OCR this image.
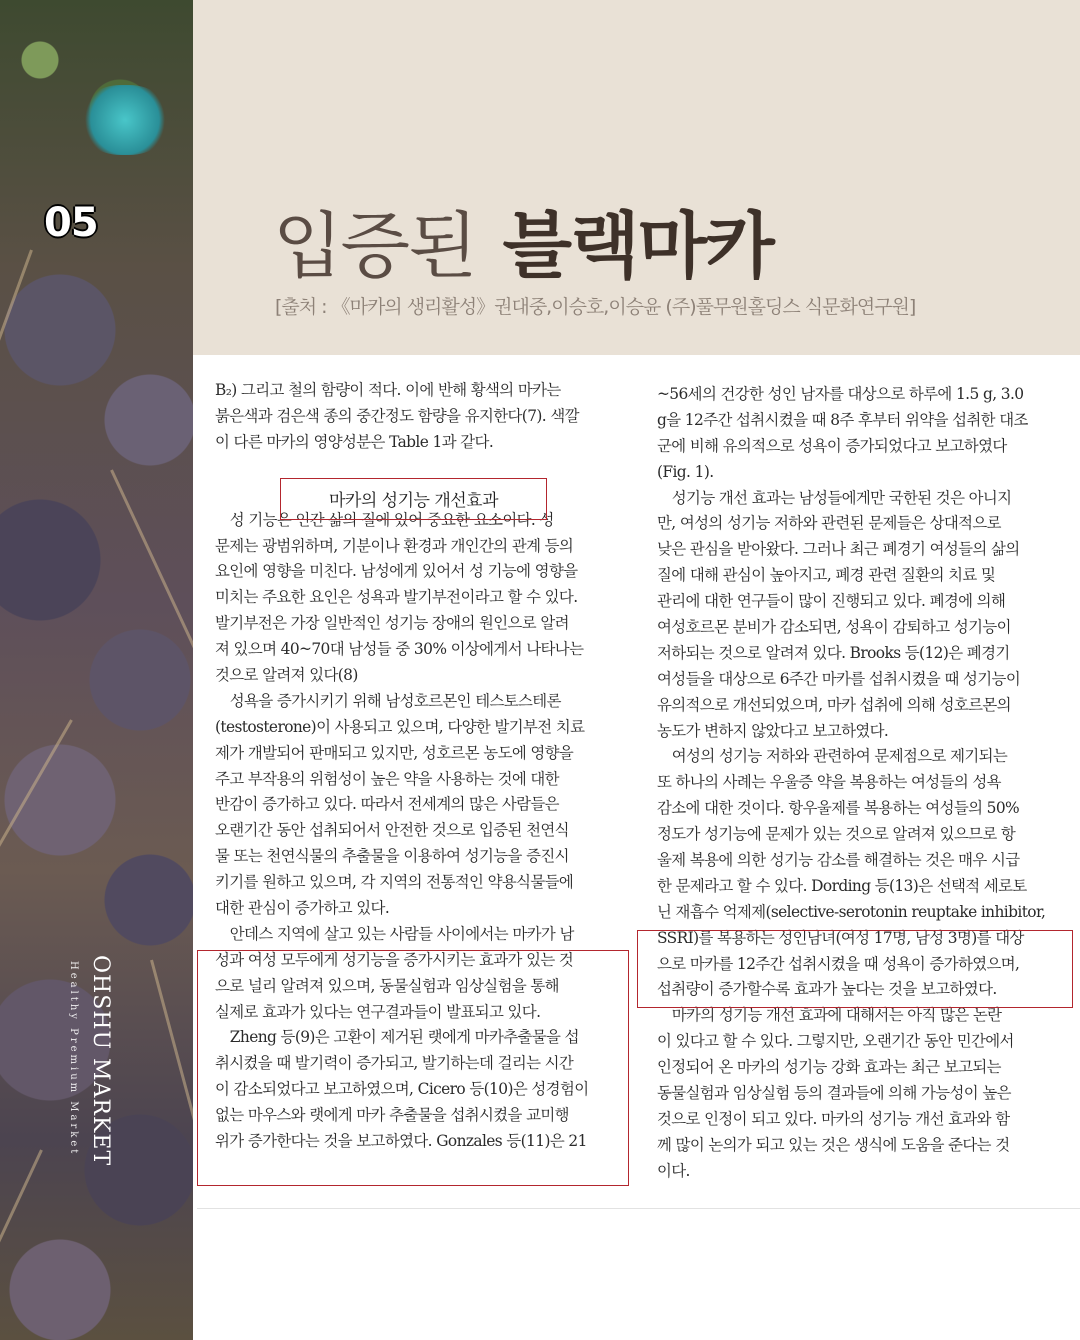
05
OHSHU MARKET
Healthy Premium Market
입증된 블랙마카
[출처 : 《마카의 생리활성》권대중,이승호,이승윤 (주)풀무원홀딩스 식문화연구원]
B₂) 그리고 철의 함량이 적다. 이에 반해 황색의 마카는
붉은색과 검은색 종의 중간정도 함량을 유지한다(7). 색깔
이 다른 마카의 영양성분은 Table 1과 같다.
　성 기능은 인간 삶의 질에 있어 중요한 요소이다. 성
문제는 광범위하며, 기분이나 환경과 개인간의 관계 등의
요인에 영향을 미친다. 남성에게 있어서 성 기능에 영향을
미치는 주요한 요인은 성욕과 발기부전이라고 할 수 있다.
발기부전은 가장 일반적인 성기능 장애의 원인으로 알려
져 있으며 40~70대 남성들 중 30% 이상에게서 나타나는
것으로 알려져 있다(8)
　성욕을 증가시키기 위해 남성호르몬인 테스토스테론
(testosterone)이 사용되고 있으며, 다양한 발기부전 치료
제가 개발되어 판매되고 있지만, 성호르몬 농도에 영향을
주고 부작용의 위험성이 높은 약을 사용하는 것에 대한
반감이 증가하고 있다. 따라서 전세계의 많은 사람들은
오랜기간 동안 섭취되어서 안전한 것으로 입증된 천연식
물 또는 천연식물의 추출물을 이용하여 성기능을 증진시
키기를 원하고 있으며, 각 지역의 전통적인 약용식물들에
대한 관심이 증가하고 있다.
　안데스 지역에 살고 있는 사람들 사이에서는 마카가 남
성과 여성 모두에게 성기능을 증가시키는 효과가 있는 것
으로 널리 알려져 있으며, 동물실험과 임상실험을 통해
실제로 효과가 있다는 연구결과들이 발표되고 있다.
　Zheng 등(9)은 고환이 제거된 랫에게 마카추출물을 섭
취시켰을 때 발기력이 증가되고, 발기하는데 걸리는 시간
이 감소되었다고 보고하였으며, Cicero 등(10)은 성경험이
없는 마우스와 랫에게 마카 추출물을 섭취시켰을 교미행
위가 증가한다는 것을 보고하였다. Gonzales 등(11)은 21
마카의 성기능 개선효과
~56세의 건강한 성인 남자를 대상으로 하루에 1.5 g, 3.0
g을 12주간 섭취시켰을 때 8주 후부터 위약을 섭취한 대조
군에 비해 유의적으로 성욕이 증가되었다고 보고하였다
(Fig. 1).
　성기능 개선 효과는 남성들에게만 국한된 것은 아니지
만, 여성의 성기능 저하와 관련된 문제들은 상대적으로
낮은 관심을 받아왔다. 그러나 최근 폐경기 여성들의 삶의
질에 대해 관심이 높아지고, 폐경 관련 질환의 치료 및
관리에 대한 연구들이 많이 진행되고 있다. 폐경에 의해
여성호르몬 분비가 감소되면, 성욕이 감퇴하고 성기능이
저하되는 것으로 알려져 있다. Brooks 등(12)은 폐경기
여성들을 대상으로 6주간 마카를 섭취시켰을 때 성기능이
유의적으로 개선되었으며, 마카 섭취에 의해 성호르몬의
농도가 변하지 않았다고 보고하였다.
　여성의 성기능 저하와 관련하여 문제점으로 제기되는
또 하나의 사례는 우울증 약을 복용하는 여성들의 성욕
감소에 대한 것이다. 항우울제를 복용하는 여성들의 50%
정도가 성기능에 문제가 있는 것으로 알려져 있으므로 항
울제 복용에 의한 성기능 감소를 해결하는 것은 매우 시급
한 문제라고 할 수 있다. Dording 등(13)은 선택적 세로토
닌 재흡수 억제제(selective-serotonin reuptake inhibitor,
SSRI)를 복용하는 성인남녀(여성 17명, 남성 3명)를 대상
으로 마카를 12주간 섭취시켰을 때 성욕이 증가하였으며,
섭취량이 증가할수록 효과가 높다는 것을 보고하였다.
　마카의 성기능 개선 효과에 대해서는 아직 많은 논란
이 있다고 할 수 있다. 그렇지만, 오랜기간 동안 민간에서
인정되어 온 마카의 성기능 강화 효과는 최근 보고되는
동물실험과 임상실험 등의 결과들에 의해 가능성이 높은
것으로 인정이 되고 있다. 마카의 성기능 개선 효과와 함
께 많이 논의가 되고 있는 것은 생식에 도움을 준다는 것
이다.
